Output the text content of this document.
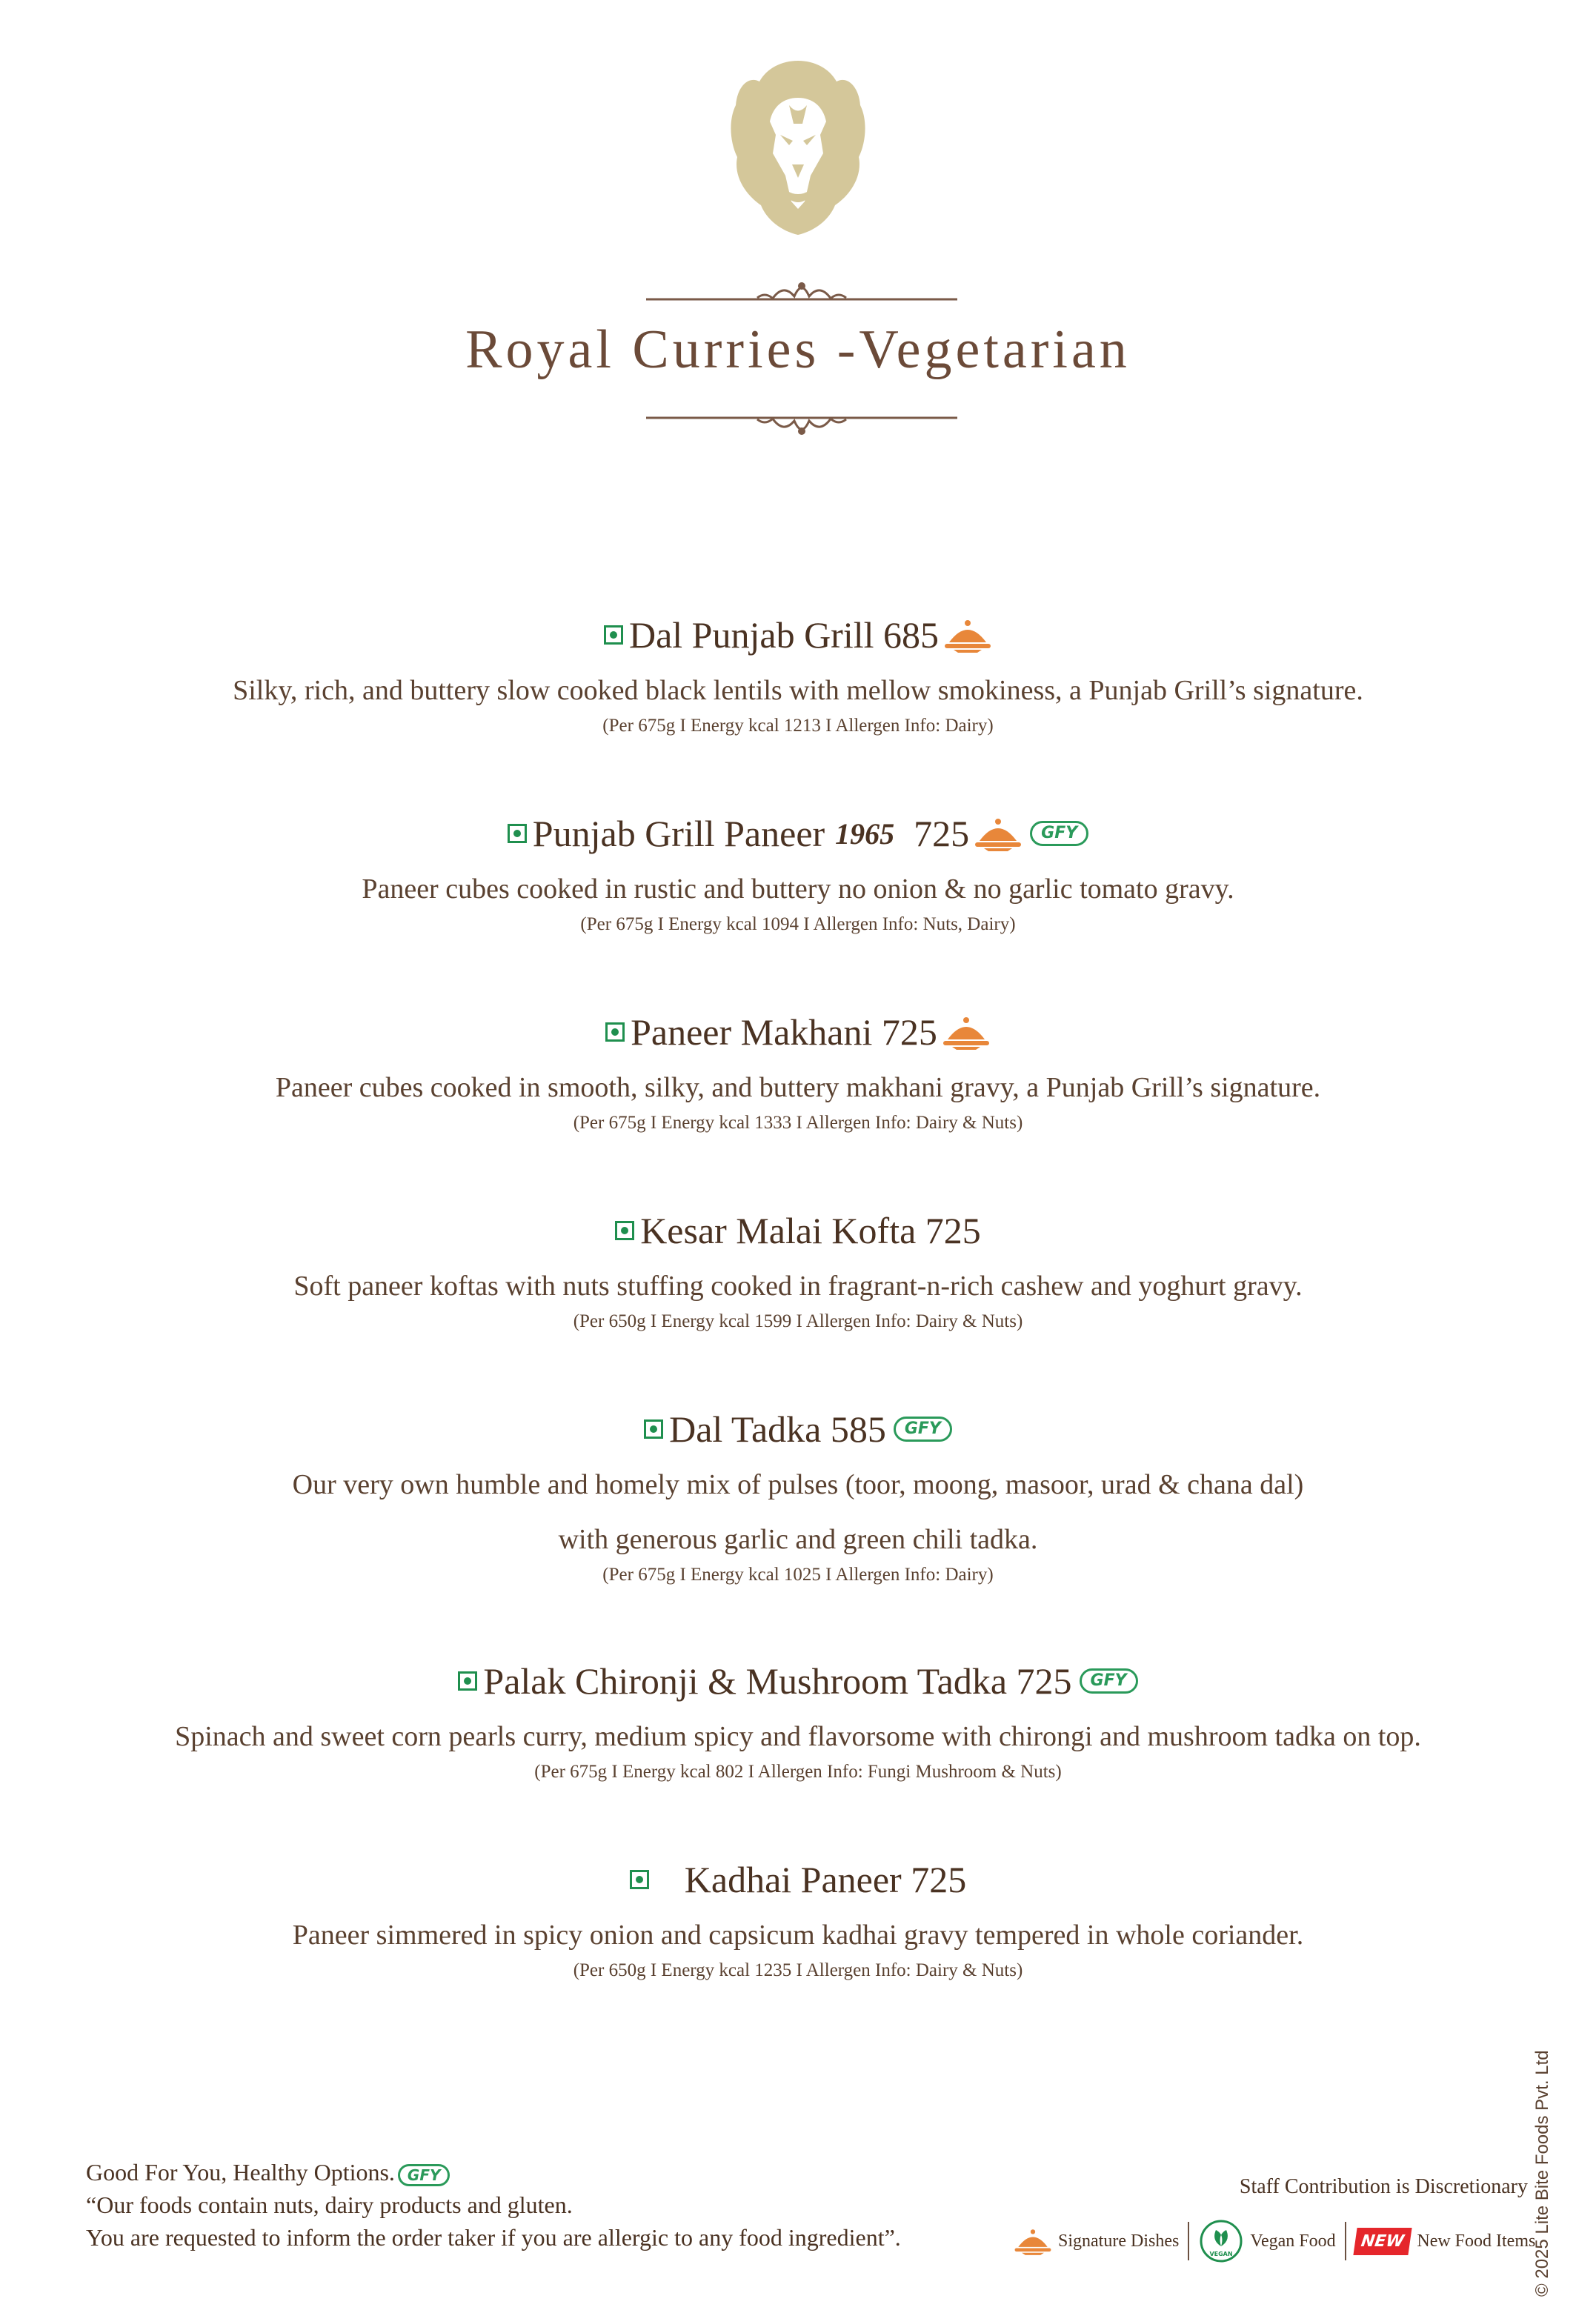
Royal Curries -Vegetarian
Dal Punjab Grill
685
Silky, rich, and buttery slow cooked black lentils with mellow smokiness, a Punjab Grill’s signature.
(Per 675g I Energy kcal 1213 I Allergen Info: Dairy)
Punjab Grill Paneer 1965 725	GFY
Paneer cubes cooked in rustic and buttery no onion & no garlic tomato gravy.
(Per 675g I Energy kcal 1094 I Allergen Info: Nuts, Dairy)
Paneer Makhani
725
Paneer cubes cooked in smooth, silky, and buttery makhani gravy, a Punjab Grill’s signature.
(Per 675g I Energy kcal 1333 I Allergen Info: Dairy & Nuts)
Kesar Malai Kofta
725
Soft paneer koftas with nuts stuffing cooked in fragrant-n-rich cashew and yoghurt gravy.
(Per 650g I Energy kcal 1599 I Allergen Info: Dairy & Nuts)
Dal Tadka
585	GFY
Our very own humble and homely mix of pulses (toor, moong, masoor, urad & chana dal)
with generous garlic and green chili tadka.
(Per 675g I Energy kcal 1025 I Allergen Info: Dairy)
Palak Chironji & Mushroom Tadka
725	GFY
Spinach and sweet corn pearls curry, medium spicy and flavorsome with chirongi and mushroom tadka on top.
(Per 675g I Energy kcal 802 I Allergen Info: Fungi Mushroom & Nuts)
Kadhai Paneer
725
Paneer simmered in spicy onion and capsicum kadhai gravy tempered in whole coriander.
(Per 650g I Energy kcal 1235 I Allergen Info: Dairy & Nuts)
Good For You, Healthy Options. GFY
“Our foods contain nuts, dairy products and gluten.
You are requested to inform the order taker if you are allergic to any food ingredient”.
Staff Contribution is Discretionary
Signature Dishes
VEGAN
Vegan Food	NEW New Food Items
© 2025 Lite Bite Foods Pvt. Ltd
